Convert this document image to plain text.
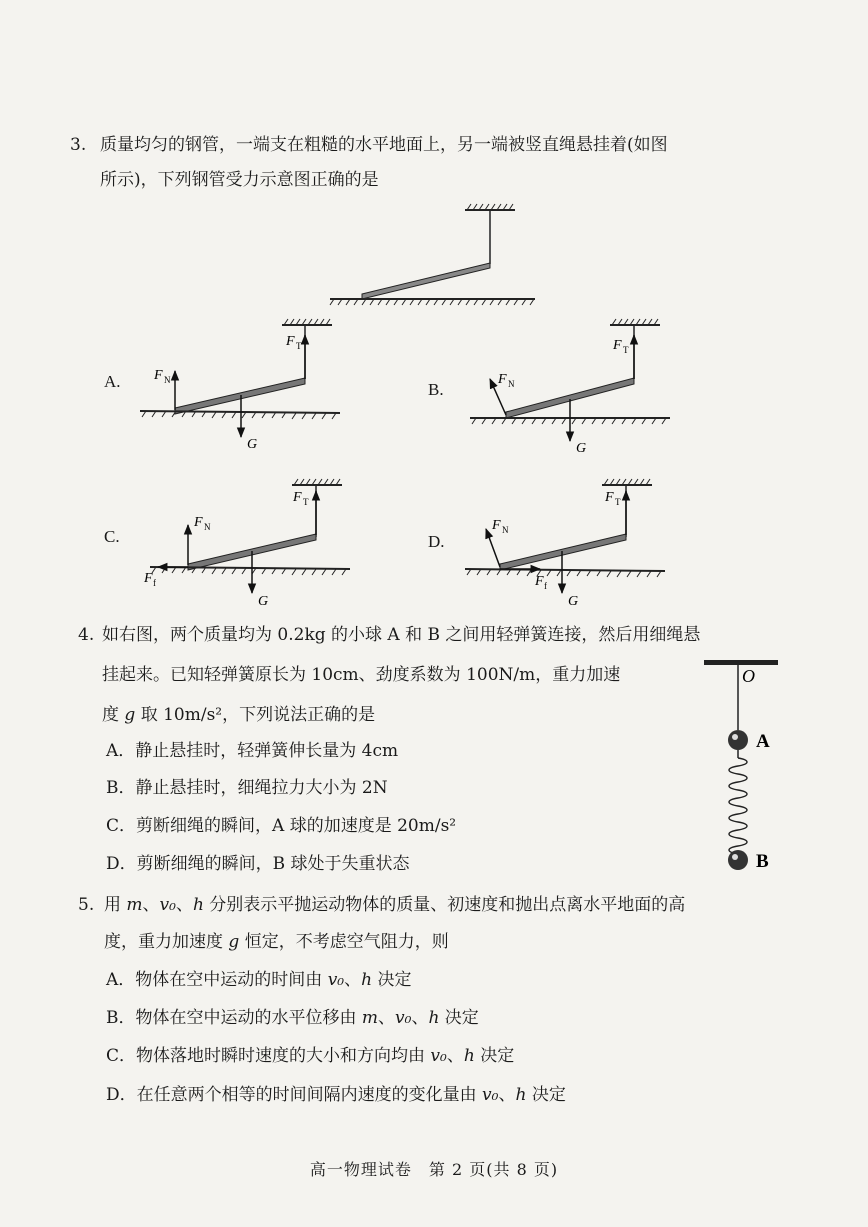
3. 质量均匀的钢管，一端支在粗糙的水平地面上，另一端被竖直绳悬挂着(如图
所示)，下列钢管受力示意图正确的是
A.	B.
C.	D.
F N
F T
G
F N
F T
G
F N
F f
F T
G
F N
F f
F T
G
4. 如右图，两个质量均为 0.2kg 的小球 A 和 B 之间用轻弹簧连接，然后用细绳悬
挂起来。已知轻弹簧原长为 10cm、劲度系数为 100N/m，重力加速
度 g 取 10m/s²，下列说法正确的是
A．静止悬挂时，轻弹簧伸长量为 4cm
B．静止悬挂时，细绳拉力大小为 2N
C．剪断细绳的瞬间，A 球的加速度是 20m/s²
D．剪断细绳的瞬间，B 球处于失重状态
O
A
B
5. 用 m、v₀、h 分别表示平抛运动物体的质量、初速度和抛出点离水平地面的高
度，重力加速度 g 恒定，不考虑空气阻力，则
A．物体在空中运动的时间由 v₀、h 决定
B．物体在空中运动的水平位移由 m、v₀、h 决定
C．物体落地时瞬时速度的大小和方向均由 v₀、h 决定
D．在任意两个相等的时间间隔内速度的变化量由 v₀、h 决定
高一物理试卷　第 2 页(共 8 页)
